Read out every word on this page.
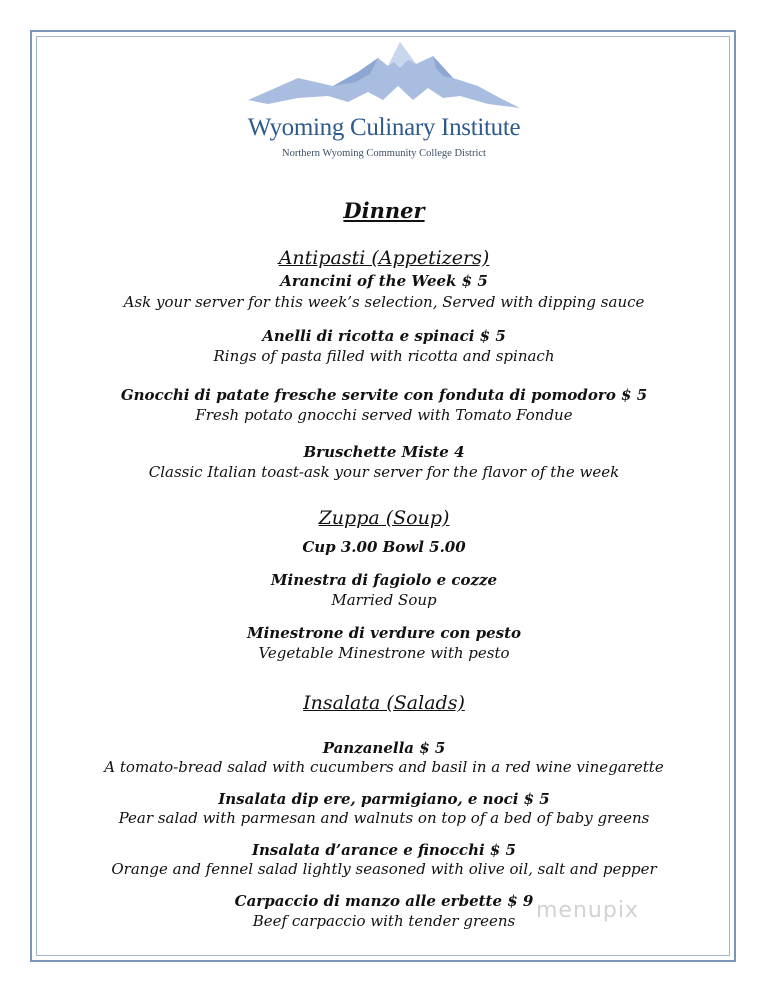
Wyoming Culinary Institute
Northern Wyoming Community College District
Dinner
Antipasti (Appetizers)
Arancini of the Week $ 5
Ask your server for this week’s selection, Served with dipping sauce
Anelli di ricotta e spinaci $ 5
Rings of pasta filled with ricotta and spinach
Gnocchi di patate fresche servite con fonduta di pomodoro $ 5
Fresh potato gnocchi served with Tomato Fondue
Bruschette Miste 4
Classic Italian toast-ask your server for the flavor of the week
Zuppa (Soup)
Cup 3.00 Bowl 5.00
Minestra di fagiolo e cozze
Married Soup
Minestrone di verdure con pesto
Vegetable Minestrone with pesto
Insalata (Salads)
Panzanella $ 5
A tomato-bread salad with cucumbers and basil in a red wine vinegarette
Insalata dip ere, parmigiano, e noci $ 5
Pear salad with parmesan and walnuts on top of a bed of baby greens
Insalata d’arance e finocchi $ 5
Orange and fennel salad lightly seasoned with olive oil, salt and pepper
Carpaccio di manzo alle erbette $ 9
Beef carpaccio with tender greens menupix
